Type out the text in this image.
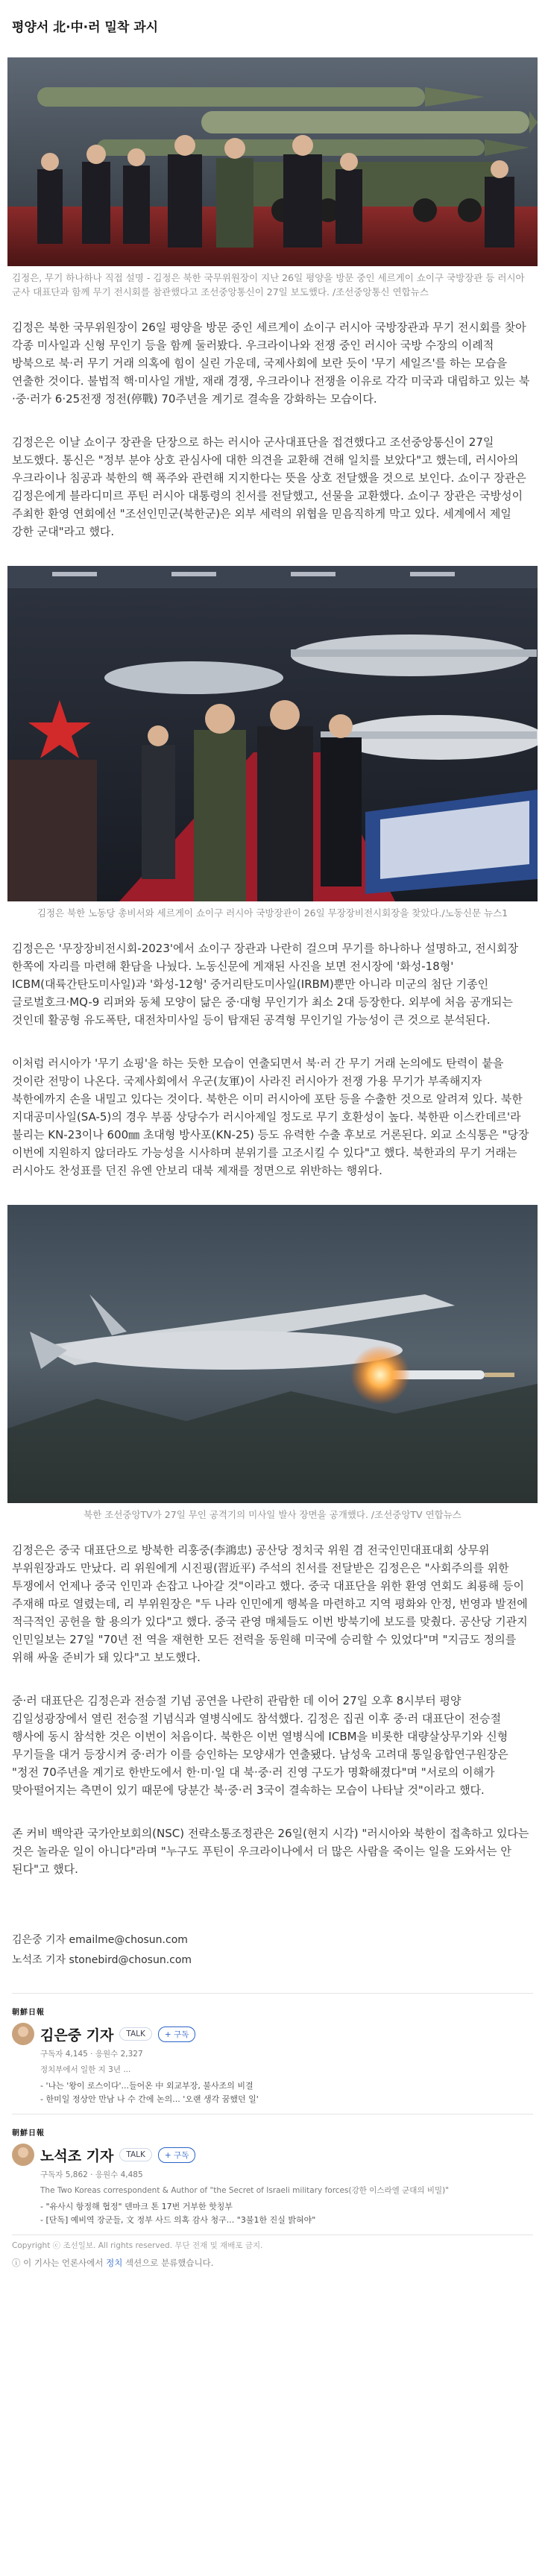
평양서 北·中·러 밀착 과시
김정은, 무기 하나하나 직접 설명 - 김정은 북한 국무위원장이 지난 26일 평양을 방문 중인 세르게이 쇼이구 국방장관 등 러시아 군사 대표단과 함께 무기 전시회를 참관했다고 조선중앙통신이 27일 보도했다. /조선중앙통신 연합뉴스

김정은 북한 국무위원장이 26일 평양을 방문 중인 세르게이 쇼이구 러시아 국방장관과 무기 전시회를 찾아 각종 미사일과 신형 무인기 등을 함께 둘러봤다. 우크라이나와 전쟁 중인 러시아 국방 수장의 이례적 방북으로 북·러 무기 거래 의혹에 힘이 실린 가운데, 국제사회에 보란 듯이 '무기 세일즈'를 하는 모습을 연출한 것이다. 불법적 핵·미사일 개발, 재래 경쟁, 우크라이나 전쟁을 이유로 각각 미국과 대립하고 있는 북·중·러가 6·25전쟁 정전(停戰) 70주년을 계기로 결속을 강화하는 모습이다.

김정은은 이날 쇼이구 장관을 단장으로 하는 러시아 군사대표단을 접견했다고 조선중앙통신이 27일 보도했다. 통신은 "정부 분야 상호 관심사에 대한 의견을 교환해 견해 일치를 보았다"고 했는데, 러시아의 우크라이나 침공과 북한의 핵 폭주와 관련해 지지한다는 뜻을 상호 전달했을 것으로 보인다. 쇼이구 장관은 김정은에게 블라디미르 푸틴 러시아 대통령의 친서를 전달했고, 선물을 교환했다. 쇼이구 장관은 국방성이 주최한 환영 연회에선 "조선인민군(북한군)은 외부 세력의 위협을 믿음직하게 막고 있다. 세계에서 제일 강한 군대"라고 했다.

김정은 북한 노동당 총비서와 세르게이 쇼이구 러시아 국방장관이 26일 무장장비전시회장을 찾았다./노동신문 뉴스1

김정은은 '무장장비전시회-2023'에서 쇼이구 장관과 나란히 걸으며 무기를 하나하나 설명하고, 전시회장 한쪽에 자리를 마련해 환담을 나눴다. 노동신문에 게재된 사진을 보면 전시장에 '화성-18형' ICBM(대륙간탄도미사일)과 '화성-12형' 중거리탄도미사일(IRBM)뿐만 아니라 미군의 첨단 기종인 글로벌호크·MQ-9 리퍼와 동체 모양이 닮은 중·대형 무인기가 최소 2대 등장한다. 외부에 처음 공개되는 것인데 활공형 유도폭탄, 대전차미사일 등이 탑재된 공격형 무인기일 가능성이 큰 것으로 분석된다.

이처럼 러시아가 '무기 쇼핑'을 하는 듯한 모습이 연출되면서 북·러 간 무기 거래 논의에도 탄력이 붙을 것이란 전망이 나온다. 국제사회에서 우군(友軍)이 사라진 러시아가 전쟁 가용 무기가 부족해지자 북한에까지 손을 내밀고 있다는 것이다. 북한은 이미 러시아에 포탄 등을 수출한 것으로 알려져 있다. 북한 지대공미사일(SA-5)의 경우 부품 상당수가 러시아제일 정도로 무기 호환성이 높다. 북한판 이스칸데르'라 불리는 KN-23이나 600㎜ 초대형 방사포(KN-25) 등도 유력한 수출 후보로 거론된다. 외교 소식통은 "당장 이번에 지원하지 않더라도 가능성을 시사하며 분위기를 고조시킬 수 있다"고 했다. 북한과의 무기 거래는 러시아도 찬성표를 던진 유엔 안보리 대북 제재를 정면으로 위반하는 행위다.

북한 조선중앙TV가 27일 무인 공격기의 미사일 발사 장면을 공개했다. /조선중앙TV 연합뉴스

김정은은 중국 대표단으로 방북한 리훙중(李鴻忠) 공산당 정치국 위원 겸 전국인민대표대회 상무위 부위원장과도 만났다. 리 위원에게 시진핑(習近平) 주석의 친서를 전달받은 김정은은 "사회주의를 위한 투쟁에서 언제나 중국 인민과 손잡고 나아갈 것"이라고 했다. 중국 대표단을 위한 환영 연회도 최룡해 등이 주재해 따로 열렸는데, 리 부위원장은 "두 나라 인민에게 행복을 마련하고 지역 평화와 안정, 번영과 발전에 적극적인 공헌을 할 용의가 있다"고 했다. 중국 관영 매체들도 이번 방북기에 보도를 맞췄다. 공산당 기관지 인민일보는 27일 "70년 전 역을 재현한 모든 전력을 동원해 미국에 승리할 수 있었다"며 "지금도 정의를 위해 싸울 준비가 돼 있다"고 보도했다.

중·러 대표단은 김정은과 전승절 기념 공연을 나란히 관람한 데 이어 27일 오후 8시부터 평양 김일성광장에서 열린 전승절 기념식과 열병식에도 참석했다. 김정은 집권 이후 중·러 대표단이 전승절 행사에 동시 참석한 것은 이번이 처음이다. 북한은 이번 열병식에 ICBM을 비롯한 대량살상무기와 신형 무기들을 대거 등장시켜 중·러가 이를 승인하는 모양새가 연출됐다. 남성욱 고려대 통일융합연구원장은 "정전 70주년을 계기로 한반도에서 한·미·일 대 북·중·러 진영 구도가 명확해졌다"며 "서로의 이해가 맞아떨어지는 측면이 있기 때문에 당분간 북·중·러 3국이 결속하는 모습이 나타날 것"이라고 했다.

존 커비 백악관 국가안보회의(NSC) 전략소통조정관은 26일(현지 시각) "러시아와 북한이 접촉하고 있다는 것은 놀라운 일이 아니다"라며 "누구도 푸틴이 우크라이나에서 더 많은 사람을 죽이는 일을 도와서는 안 된다"고 했다.

김은중 기자 emailme@chosun.com
노석조 기자 stonebird@chosun.com
朝鮮日報
김은중 기자	TALK	+ 구독
구독자 4,145 · 응원수 2,327
정치부에서 일한 지 3년 ...
- '나는 '왕이 로스이다'...들어온 中 외교부장, 불사조의 비결
- 한미일 정상안 만남 나 수 간에 논의... '오랜 생각 꿈했던 일'
朝鮮日報
노석조 기자	TALK	+ 구독
구독자 5,862 · 응원수 4,485
The Two Koreas correspondent & Author of "the Secret of Israeli military forces(강한 이스라엘 군대의 비밀)"
- "유사시 항정해 협정" 덴마크 톤 17번 거부한 핫칭부
- [단독] 예비역 장군들, 文 정부 사드 의혹 감사 청구... "3불1한 진실 밝혀야"
Copyright ⓒ 조선일보. All rights reserved. 무단 전재 및 재배포 금지.
ⓘ 이 기사는 언론사에서 정치 섹션으로 분류했습니다.
